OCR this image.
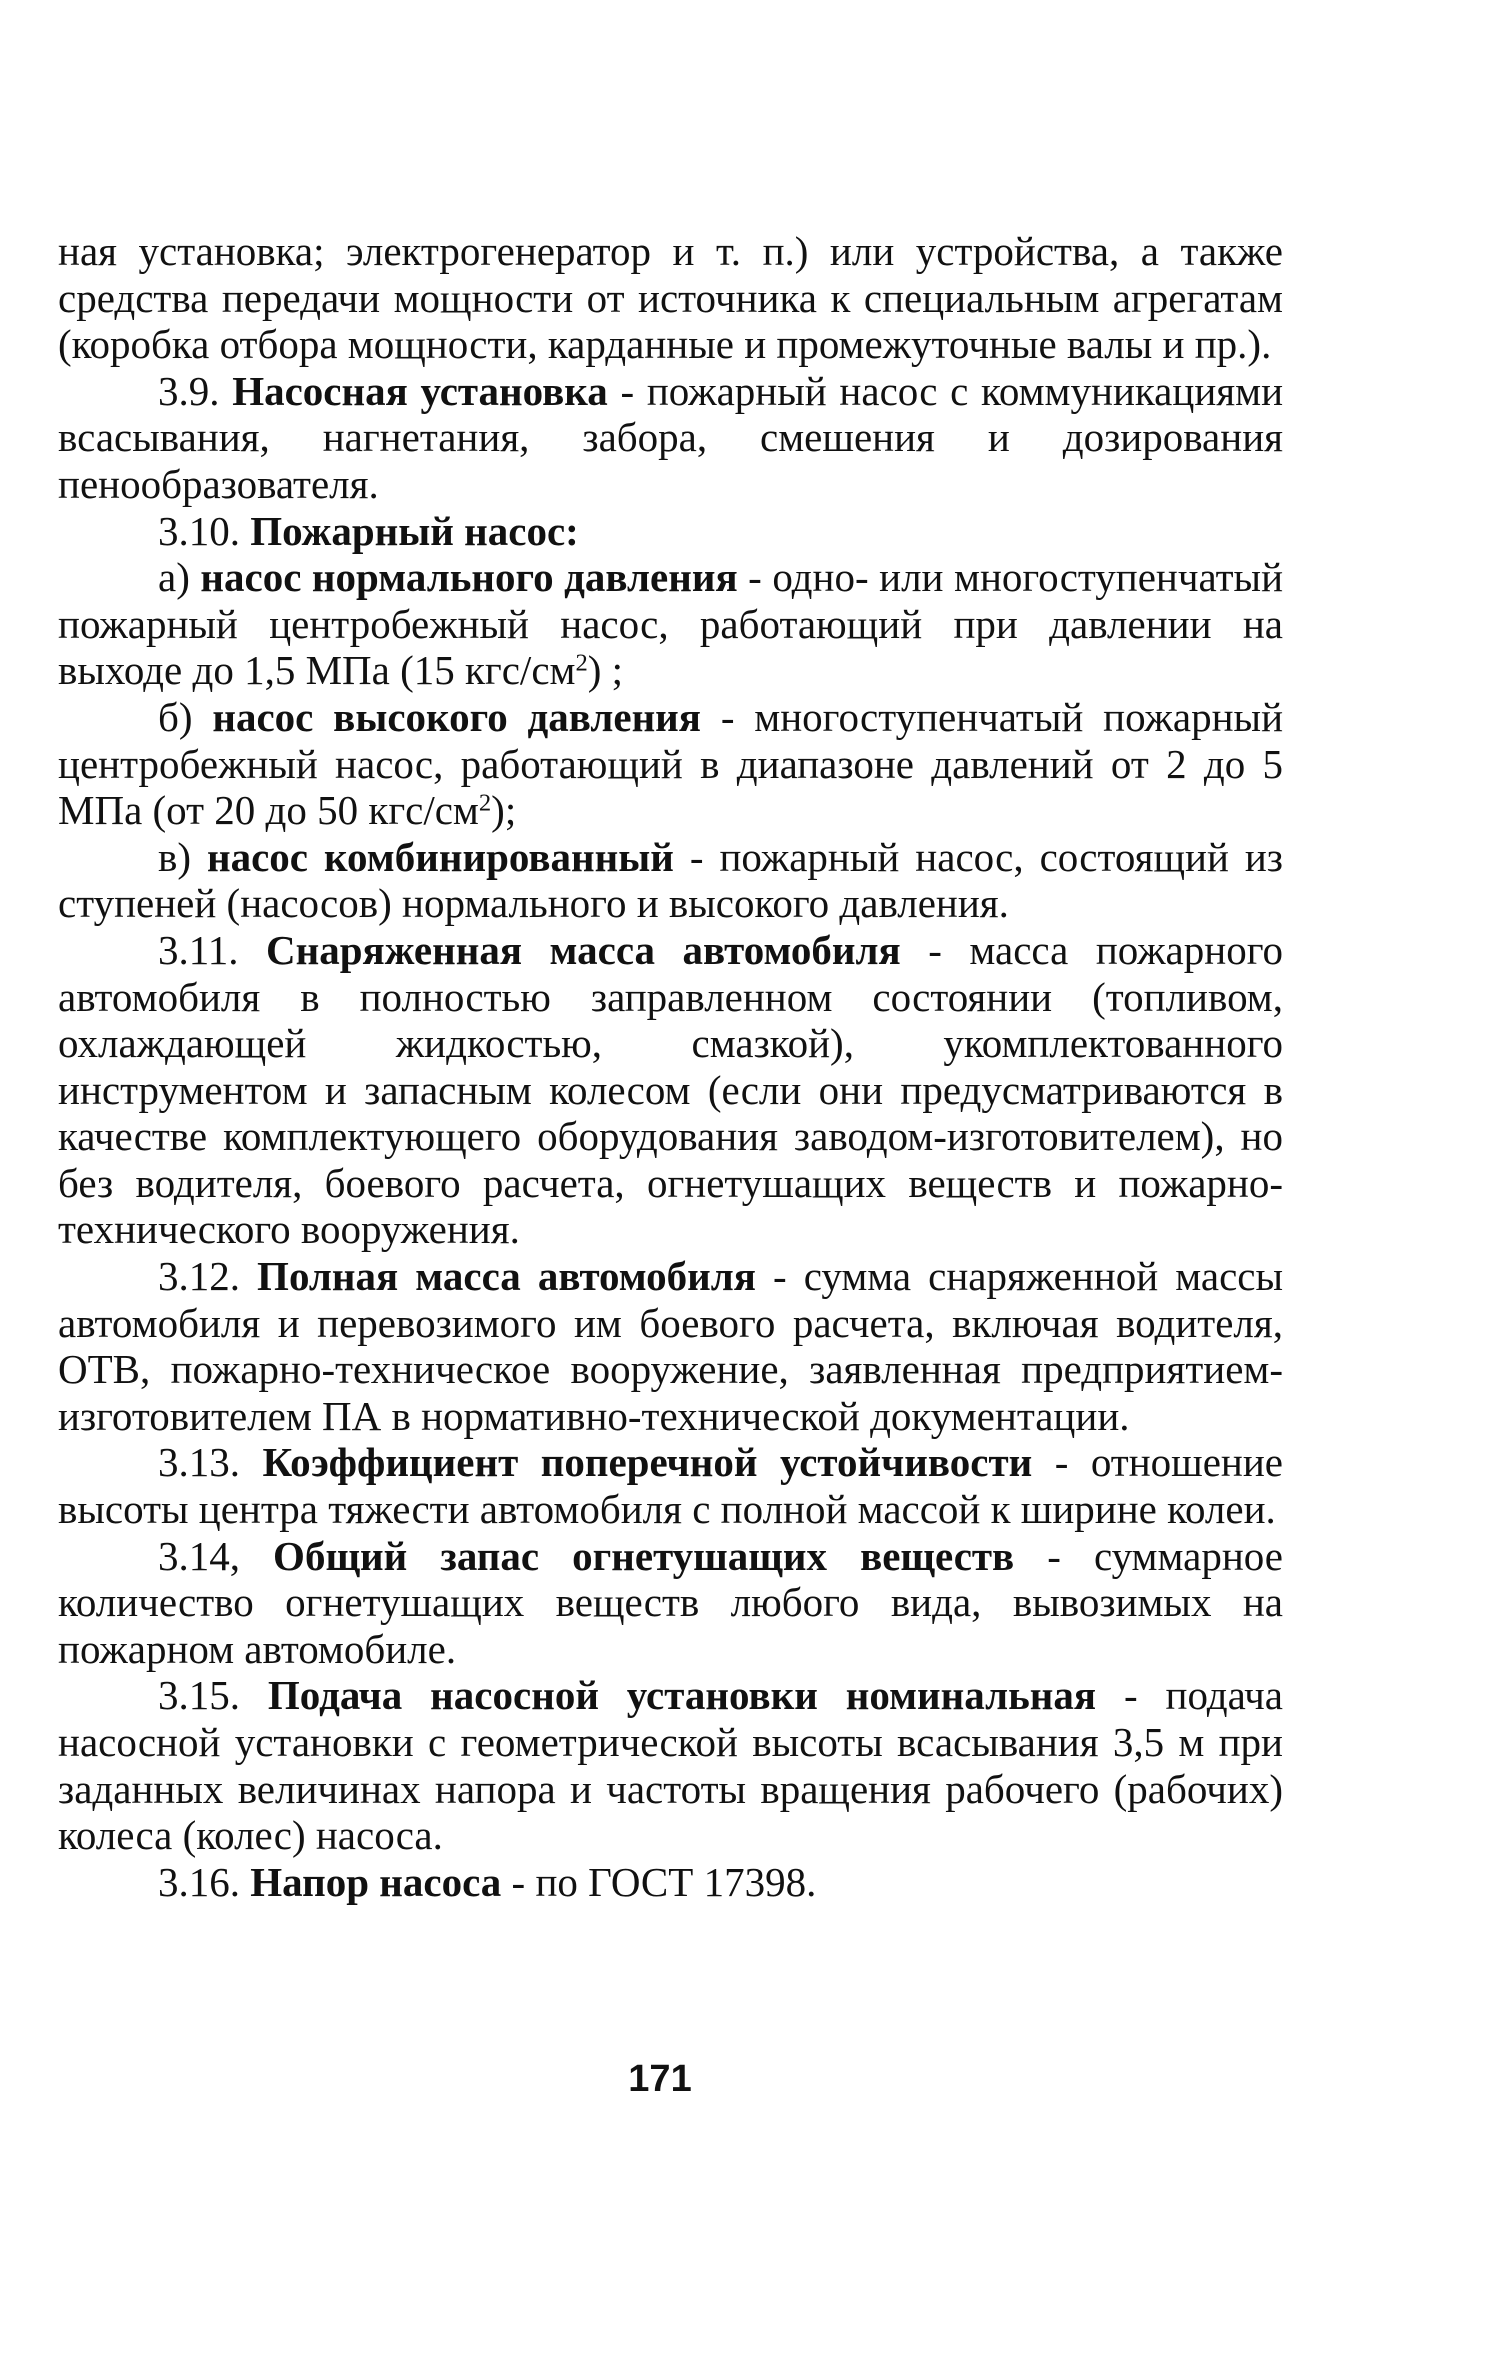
ная установка; электрогенератор и т. п.) или устройства, а также средства передачи мощности от источника к специальным агрегатам (коробка отбора мощности, карданные и промежуточные валы и пр.).

3.9. Насосная установка - пожарный насос с коммуникациями всасывания, нагнетания, забора, смешения и дозирования пенообразователя.

3.10. Пожарный насос:

а) насос нормального давления - одно- или многоступенчатый пожарный центробежный насос, работающий при давлении на выходе до 1,5 МПа (15 кгс/$см^2$) ;

б) насос высокого давления - многоступенчатый пожарный центробежный насос, работающий в диапазоне давлений от 2 до 5 МПа (от 20 до 50 кгс/$см^2$);

в) насос комбинированный - пожарный насос, состоящий из ступеней (насосов) нормального и высокого давления.

3.11. Снаряженная масса автомобиля - масса пожарного автомобиля в полностью заправленном состоянии (топливом, охлаждающей жидкостью, смазкой), укомплектованного инструментом и запасным колесом (если они предусматриваются в качестве комплектующего оборудования заводом-изготовителем), но без водителя, боевого расчета, огнетушащих веществ и пожарно-технического вооружения.

3.12. Полная масса автомобиля - сумма снаряженной массы автомобиля и перевозимого им боевого расчета, включая водителя, ОТВ, пожарно-техническое вооружение, заявленная предприятием-изготовителем ПА в нормативно-технической документации.

3.13. Коэффициент поперечной устойчивости - отношение высоты центра тяжести автомобиля с полной массой к ширине колеи.

3.14, Общий запас огнетушащих веществ - суммарное количество огнетушащих веществ любого вида, вывозимых на пожарном автомобиле.

3.15. Подача насосной установки номинальная - подача насосной установки с геометрической высоты всасывания 3,5 м при заданных величинах напора и частоты вращения рабочего (рабочих) колеса (колес) насоса.

3.16. Напор насоса - по ГОСТ 17398.

171
